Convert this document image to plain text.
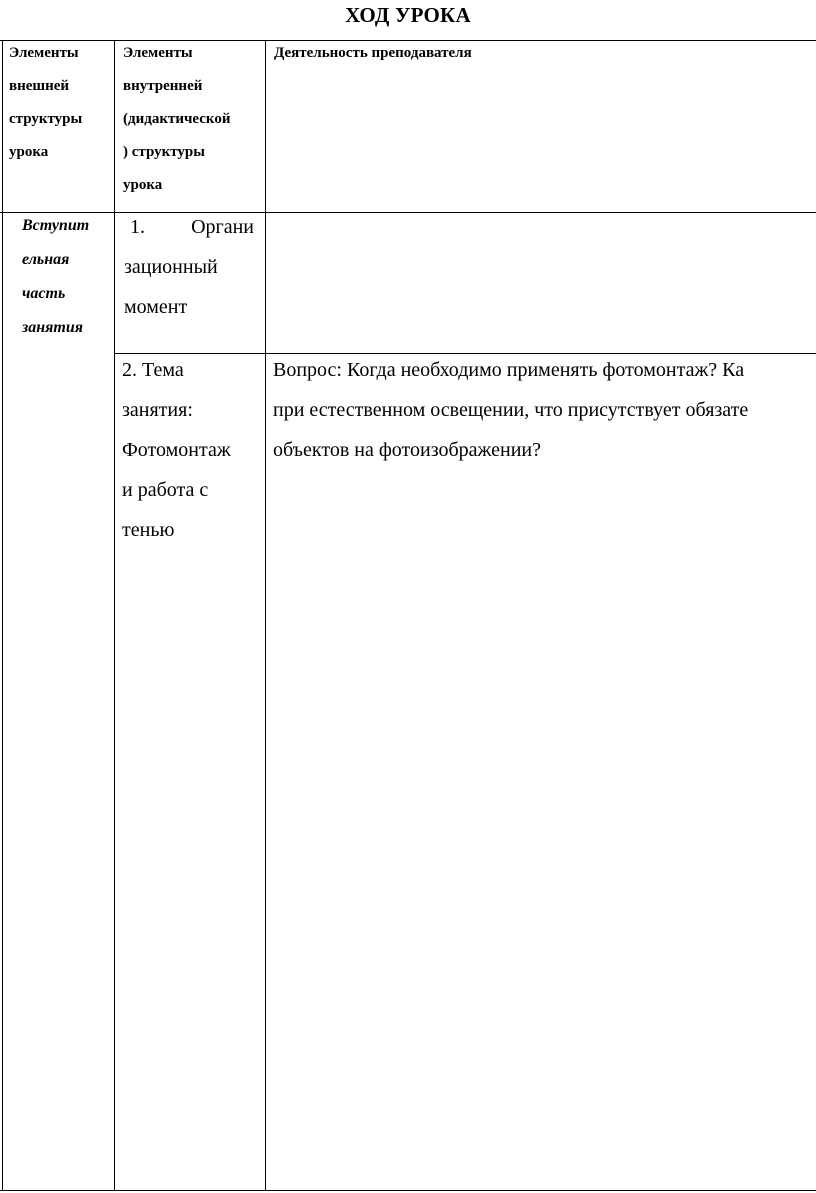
ХОД УРОКА
Элементы
внешней
структуры
урока
Элементы
внутренней
(дидактической
) структуры
урока
Деятельность преподавателя
Вступит
ельная
часть
занятия
1. Органи
зационный
момент
2. Тема
занятия:
Фотомонтаж
и работа с
тенью
Вопрос: Когда необходимо применять фотомонтаж? Ка
при естественном освещении, что присутствует обязате
объектов на фотоизображении?
